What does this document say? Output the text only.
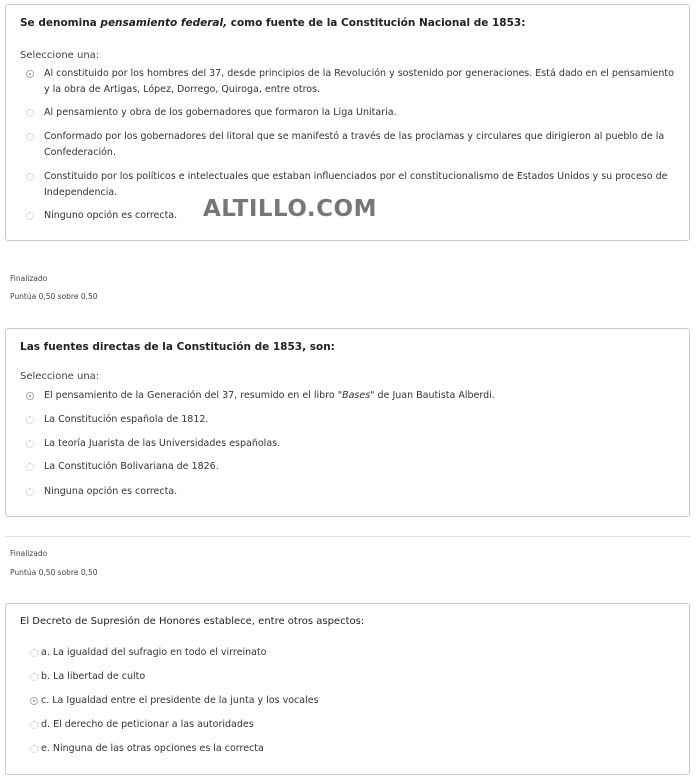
Se denomina pensamiento federal, como fuente de la Constitución Nacional de 1853:
Seleccione una:
Al constituido por los hombres del 37, desde principios de la Revolución y sostenido por generaciones. Está dado en el pensamiento y la obra de Artigas, López, Dorrego, Quiroga, entre otros.
Al pensamiento y obra de los gobernadores que formaron la Liga Unitaria.
Conformado por los gobernadores del litoral que se manifestó a través de las proclamas y circulares que dirigieron al pueblo de la Confederación.
Constituido por los políticos e intelectuales que estaban influenciados por el constitucionalismo de Estados Unidos y su proceso de Independencia.
Ninguno opción es correcta.	ALTILLO.COM
Finalizado
Puntúa 0,50 sobre 0,50
Las fuentes directas de la Constitución de 1853, son:
Seleccione una:
El pensamiento de la Generación del 37, resumido en el libro "Bases" de Juan Bautista Alberdi.
La Constitución española de 1812.
La teoría Juarista de las Universidades españolas.
La Constitución Bolivariana de 1826.
Ninguna opción es correcta.
Finalizado
Puntúa 0,50 sobre 0,50
El Decreto de Supresión de Honores establece, entre otros aspectos:
a. La igualdad del sufragio en todo el virreinato
b. La libertad de culto
c. La Igualdad entre el presidente de la junta y los vocales
d. El derecho de peticionar a las autoridades
e. Ninguna de las otras opciones es la correcta
